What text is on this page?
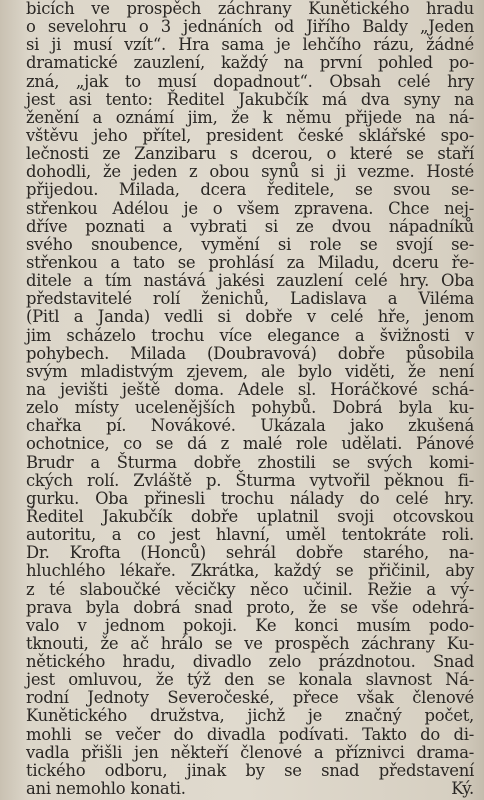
bicích ve prospěch záchrany Kunětického hradu
o sevelohru o 3 jednáních od Jiřího Baldy „Jeden
si ji musí vzít“. Hra sama je lehčího rázu, žádné
dramatické zauzlení, každý na první pohled po-
zná, „jak to musí dopadnout“. Obsah celé hry
jest asi tento: Ředitel Jakubčík má dva syny na
ženění a oznámí jim, že k němu přijede na ná-
vštěvu jeho přítel, president české sklářské spo-
lečnosti ze Zanzibaru s dcerou, o které se staří
dohodli, že jeden z obou synů si ji vezme. Hosté
přijedou. Milada, dcera ředitele, se svou se-
střenkou Adélou je o všem zpravena. Chce nej-
dříve poznati a vybrati si ze dvou nápadníků
svého snoubence, vymění si role se svojí se-
střenkou a tato se prohlásí za Miladu, dceru ře-
ditele a tím nastává jakési zauzlení celé hry. Oba
představitelé rolí ženichů, Ladislava a Viléma
(Pitl a Janda) vedli si dobře v celé hře, jenom
jim scházelo trochu více elegance a švižnosti v
pohybech. Milada (Doubravová) dobře působila
svým mladistvým zjevem, ale bylo viděti, že není
na jevišti ještě doma. Adele sl. Horáčkové schá-
zelo místy ucelenějších pohybů. Dobrá byla ku-
chařka pí. Novákové. Ukázala jako zkušená
ochotnice, co se dá z malé role udělati. Pánové
Brudr a Šturma dobře zhostili se svých komi-
ckých rolí. Zvláště p. Šturma vytvořil pěknou fi-
gurku. Oba přinesli trochu nálady do celé hry.
Ředitel Jakubčík dobře uplatnil svoji otcovskou
autoritu, a co jest hlavní, uměl tentokráte roli.
Dr. Krofta (Honců) sehrál dobře starého, na-
hluchlého lékaře. Zkrátka, každý se přičinil, aby
z té slaboučké věcičky něco učinil. Režie a vý-
prava byla dobrá snad proto, že se vše odehrá-
valo v jednom pokoji. Ke konci musím podo-
tknouti, že ač hrálo se ve prospěch záchrany Ku-
nětického hradu, divadlo zelo prázdnotou. Snad
jest omluvou, že týž den se konala slavnost Ná-
rodní Jednoty Severočeské, přece však členové
Kunětického družstva, jichž je značný počet,
mohli se večer do divadla podívati. Takto do di-
vadla přišli jen někteří členové a příznivci drama-
tického odboru, jinak by se snad představení
ani nemohlo konati.	Ký.
